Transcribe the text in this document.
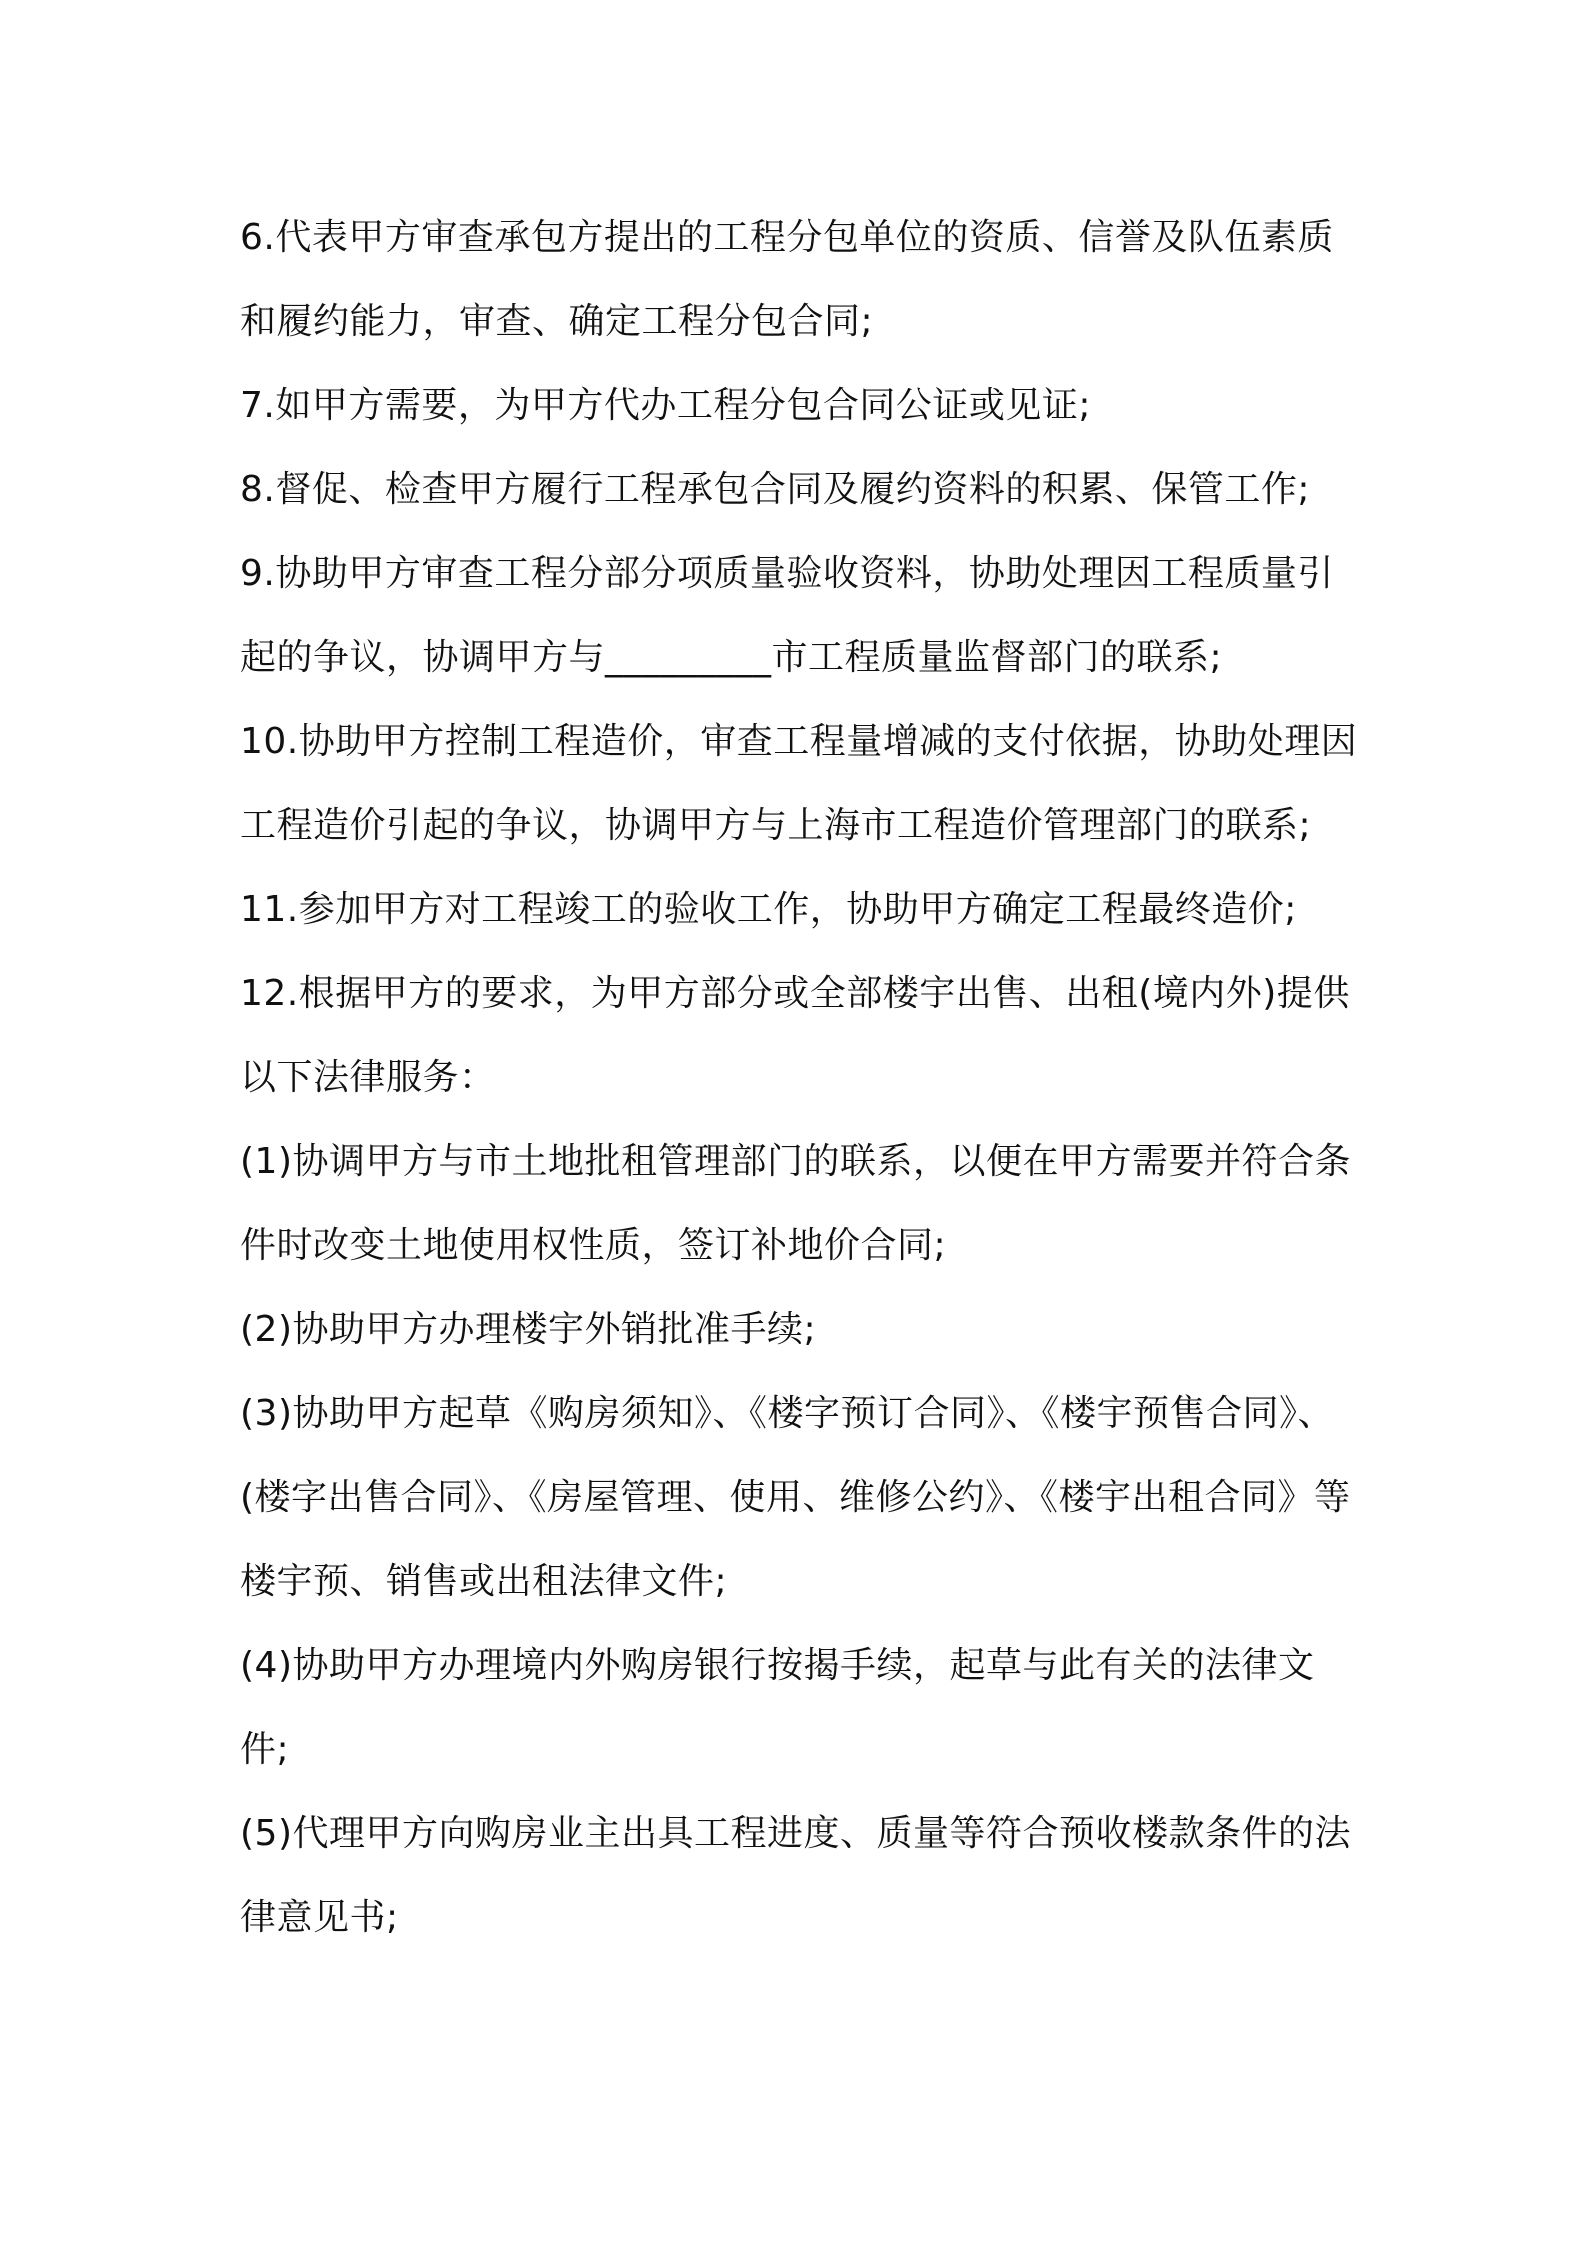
6.代表甲方审查承包方提出的工程分包单位的资质、信誉及队伍素质和履约能力，审查、确定工程分包合同;

7.如甲方需要，为甲方代办工程分包合同公证或见证;

8.督促、检查甲方履行工程承包合同及履约资料的积累、保管工作;

9.协助甲方审查工程分部分项质量验收资料，协助处理因工程质量引起的争议，协调甲方与_________市工程质量监督部门的联系;

10.协助甲方控制工程造价，审查工程量增减的支付依据，协助处理因工程造价引起的争议，协调甲方与上海市工程造价管理部门的联系;

11.参加甲方对工程竣工的验收工作，协助甲方确定工程最终造价;

12.根据甲方的要求，为甲方部分或全部楼宇出售、出租(境内外)提供以下法律服务：

(1)协调甲方与市土地批租管理部门的联系，以便在甲方需要并符合条件时改变土地使用权性质，签订补地价合同;

(2)协助甲方办理楼宇外销批准手续;

(3)协助甲方起草《购房须知》、《楼字预订合同》、《楼宇预售合同》、(楼字出售合同》、《房屋管理、使用、维修公约》、《楼宇出租合同》等楼宇预、销售或出租法律文件;

(4)协助甲方办理境内外购房银行按揭手续，起草与此有关的法律文件;

(5)代理甲方向购房业主出具工程进度、质量等符合预收楼款条件的法律意见书;
